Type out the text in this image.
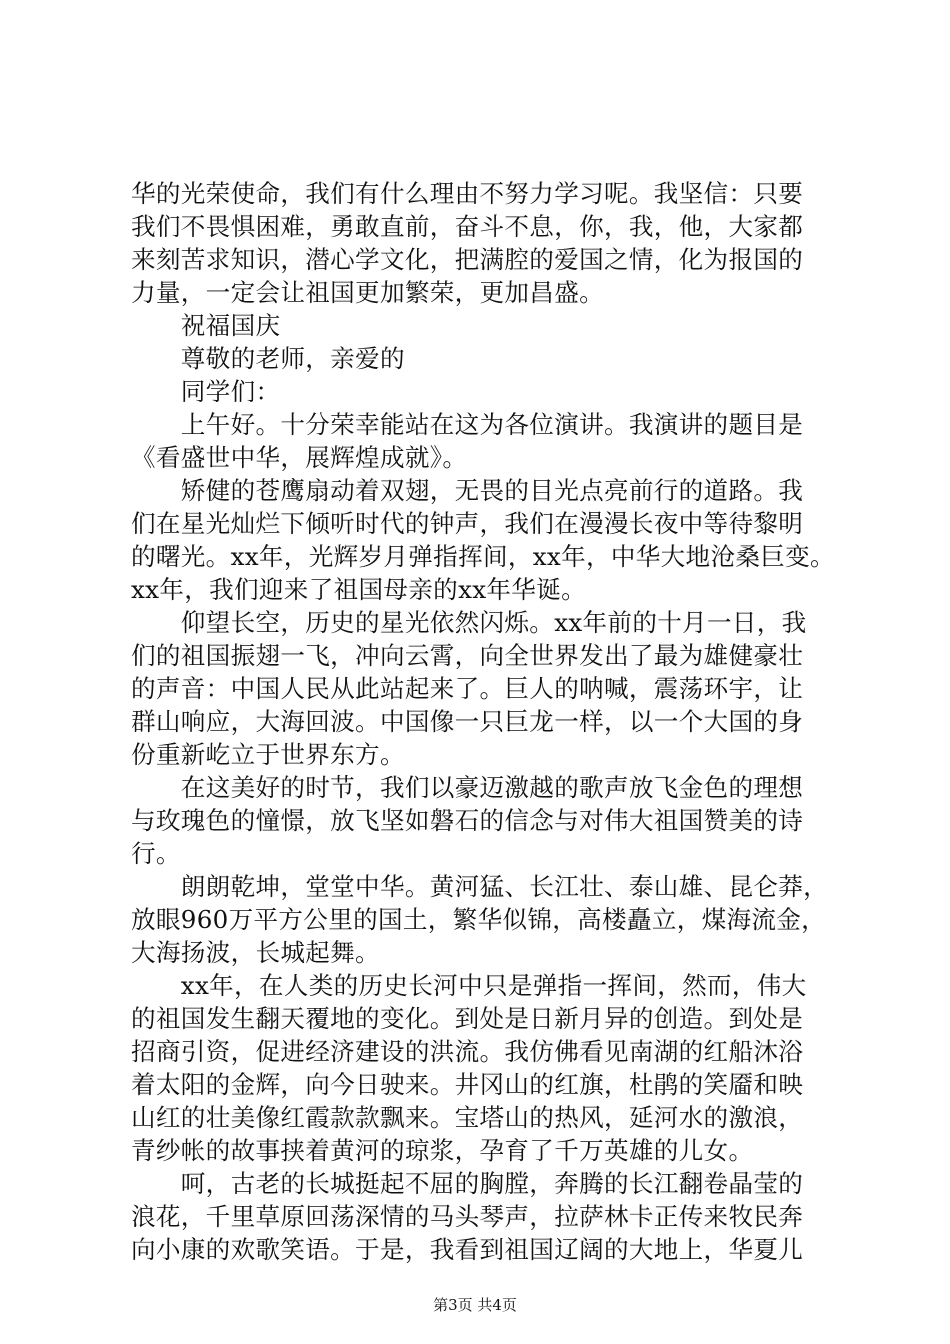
华的光荣使命，我们有什么理由不努力学习呢。我坚信：只要
我们不畏惧困难，勇敢直前，奋斗不息，你，我，他，大家都
来刻苦求知识，潜心学文化，把满腔的爱国之情，化为报国的
力量，一定会让祖国更加繁荣，更加昌盛。
　　祝福国庆
　　尊敬的老师，亲爱的
　　同学们：
　　上午好。十分荣幸能站在这为各位演讲。我演讲的题目是
《看盛世中华，展辉煌成就》。
　　矫健的苍鹰扇动着双翅，无畏的目光点亮前行的道路。我
们在星光灿烂下倾听时代的钟声，我们在漫漫长夜中等待黎明
的曙光。xx年，光辉岁月弹指挥间，xx年，中华大地沧桑巨变。
xx年，我们迎来了祖国母亲的xx年华诞。
　　仰望长空，历史的星光依然闪烁。xx年前的十月一日，我
们的祖国振翅一飞，冲向云霄，向全世界发出了最为雄健豪壮
的声音：中国人民从此站起来了。巨人的呐喊，震荡环宇，让
群山响应，大海回波。中国像一只巨龙一样，以一个大国的身
份重新屹立于世界东方。
　　在这美好的时节，我们以豪迈激越的歌声放飞金色的理想
与玫瑰色的憧憬，放飞坚如磐石的信念与对伟大祖国赞美的诗
行。
　　朗朗乾坤，堂堂中华。黄河猛、长江壮、泰山雄、昆仑莽，
放眼960万平方公里的国土，繁华似锦，高楼矗立，煤海流金，
大海扬波，长城起舞。
　　xx年，在人类的历史长河中只是弹指一挥间，然而，伟大
的祖国发生翻天覆地的变化。到处是日新月异的创造。到处是
招商引资，促进经济建设的洪流。我仿佛看见南湖的红船沐浴
着太阳的金辉，向今日驶来。井冈山的红旗，杜鹃的笑靥和映
山红的壮美像红霞款款飘来。宝塔山的热风，延河水的激浪，
青纱帐的故事挟着黄河的琼浆，孕育了千万英雄的儿女。
　　呵，古老的长城挺起不屈的胸膛，奔腾的长江翻卷晶莹的
浪花，千里草原回荡深情的马头琴声，拉萨林卡正传来牧民奔
向小康的欢歌笑语。于是，我看到祖国辽阔的大地上，华夏儿
第3页 共4页
